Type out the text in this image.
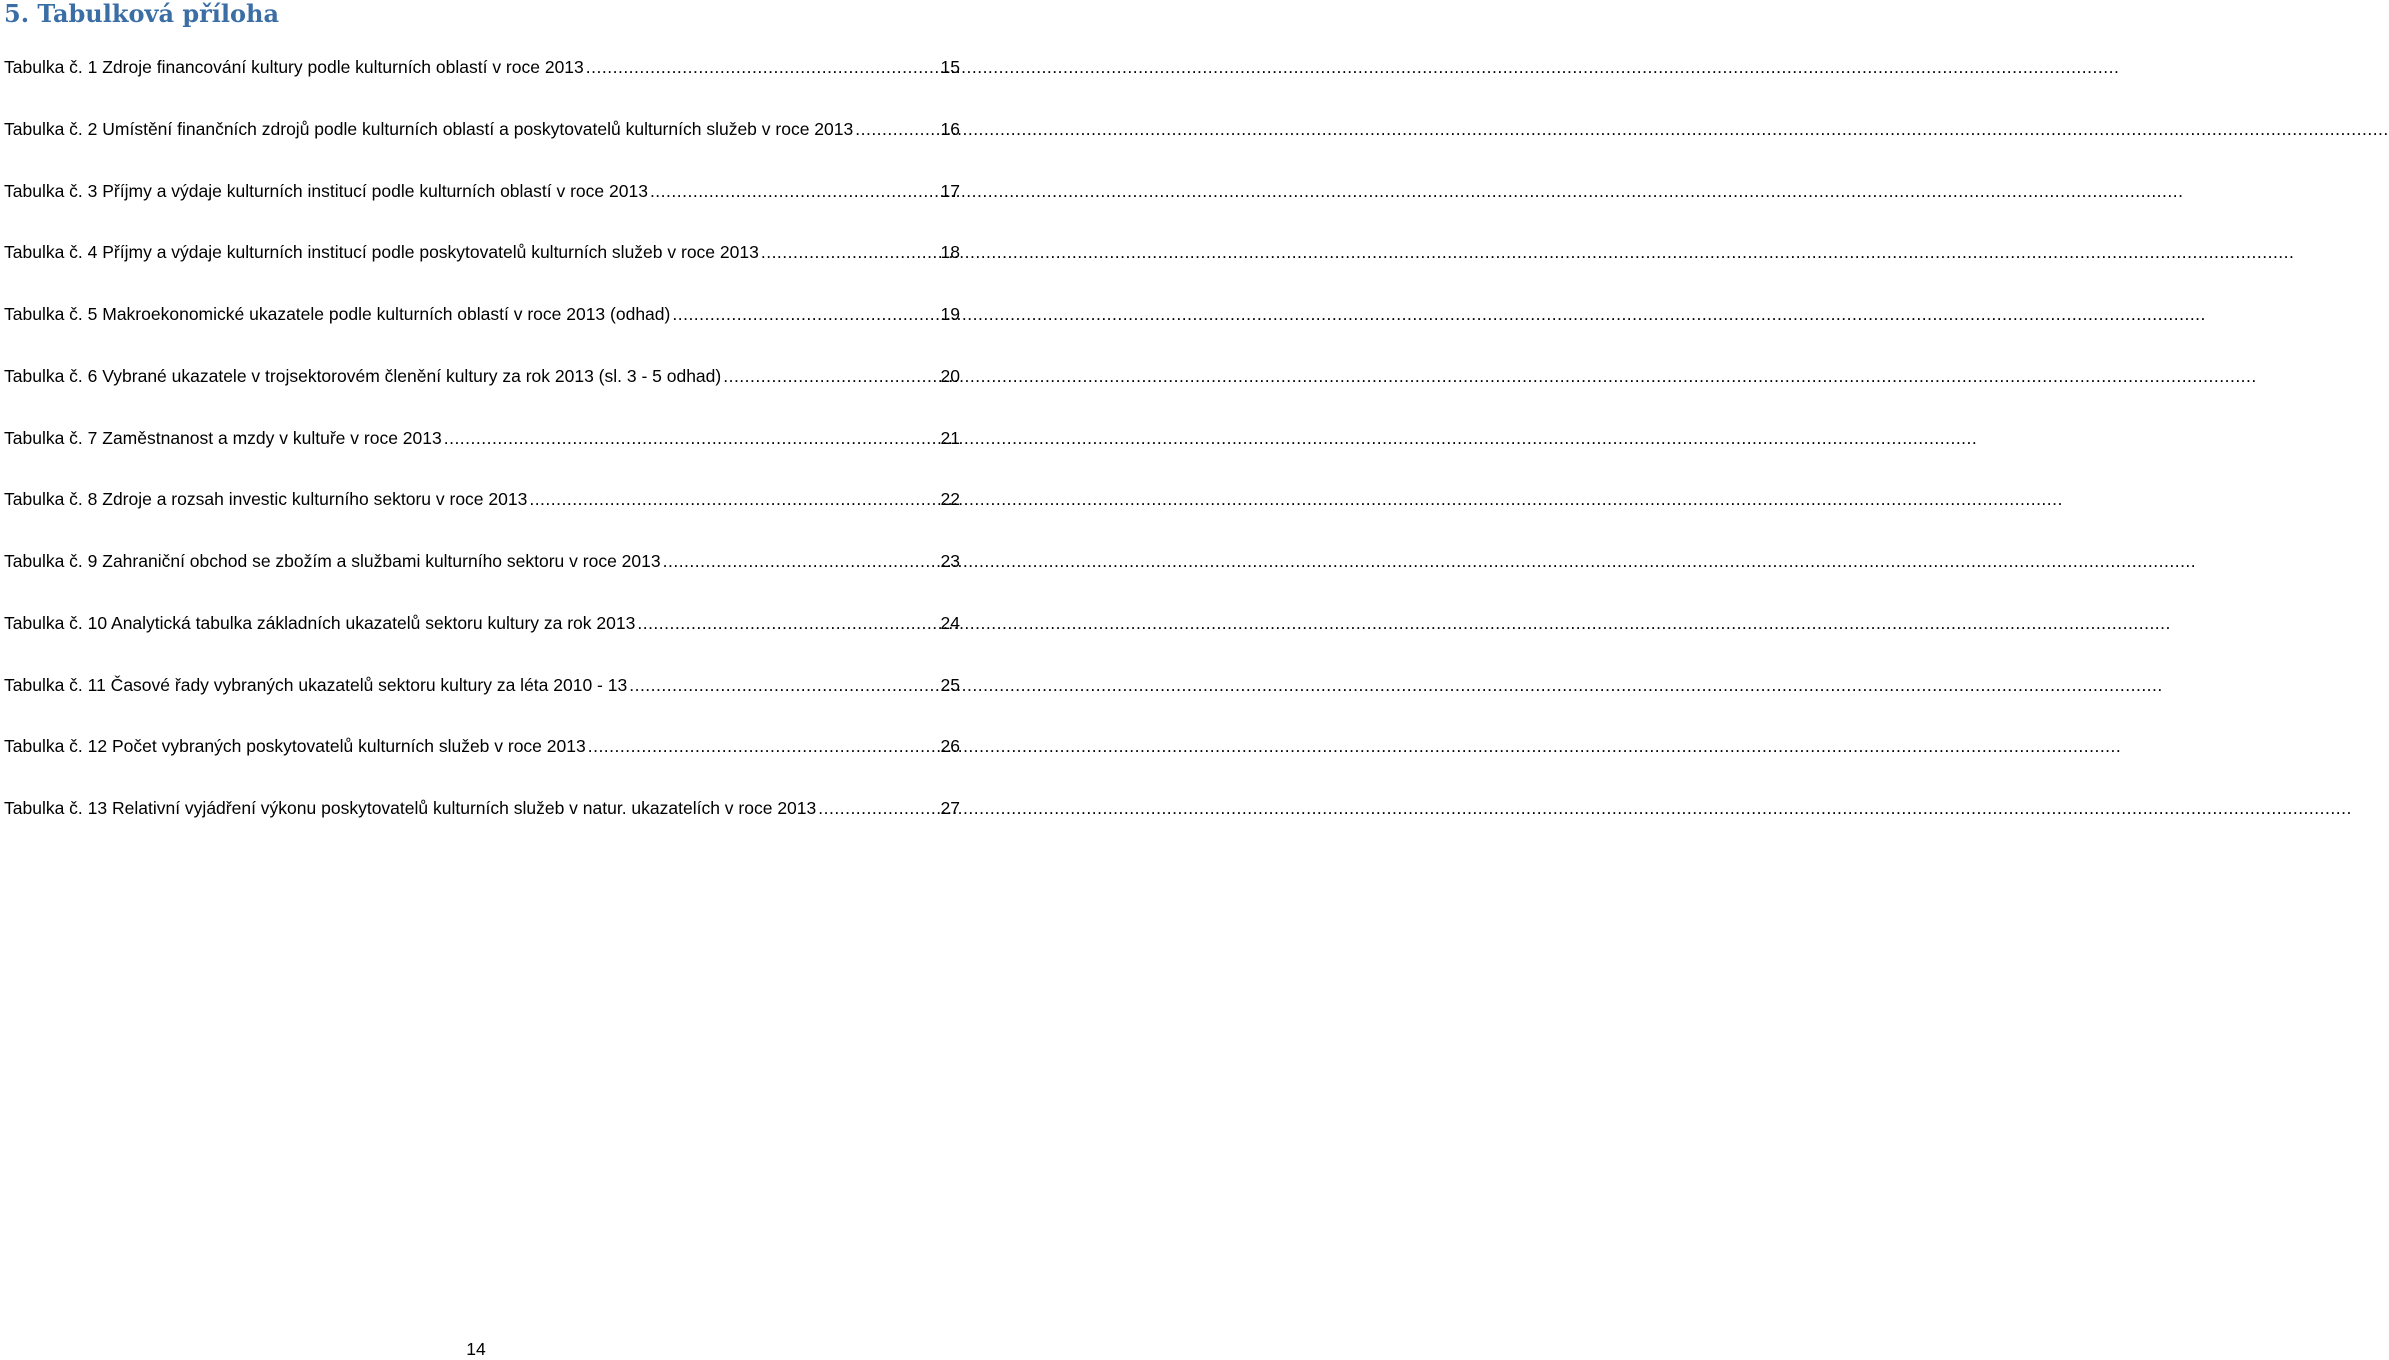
5. Tabulková příloha
Tabulka č. 1 Zdroje financování kultury podle kulturních oblastí v roce 2013 .....	15
Tabulka č. 2 Umístění finančních zdrojů podle kulturních oblastí a poskytovatelů kulturních služeb v roce 2013 .....	16
Tabulka č. 3 Příjmy a výdaje kulturních institucí podle kulturních oblastí v roce 2013 .....	17
Tabulka č. 4 Příjmy a výdaje kulturních institucí podle poskytovatelů kulturních služeb v roce 2013 .....	18
Tabulka č. 5 Makroekonomické ukazatele podle kulturních oblastí v roce 2013 (odhad) .....	19
Tabulka č. 6 Vybrané ukazatele v trojsektorovém členění kultury za rok 2013 (sl. 3 - 5 odhad) .....	20
Tabulka č. 7 Zaměstnanost a mzdy v kultuře v roce 2013 .....	21
Tabulka č. 8 Zdroje a rozsah investic kulturního sektoru v roce 2013 .....	22
Tabulka č. 9 Zahraniční obchod se zbožím a službami kulturního sektoru v roce 2013 .....	23
Tabulka č. 10 Analytická tabulka základních ukazatelů sektoru kultury za rok 2013 .....	24
Tabulka č. 11 Časové řady vybraných ukazatelů sektoru kultury za léta 2010 - 13 .....	25
Tabulka č. 12 Počet vybraných poskytovatelů kulturních služeb v roce 2013 .....	26
Tabulka č. 13 Relativní vyjádření výkonu poskytovatelů kulturních služeb v natur. ukazatelích v roce 2013 .....	27
14
